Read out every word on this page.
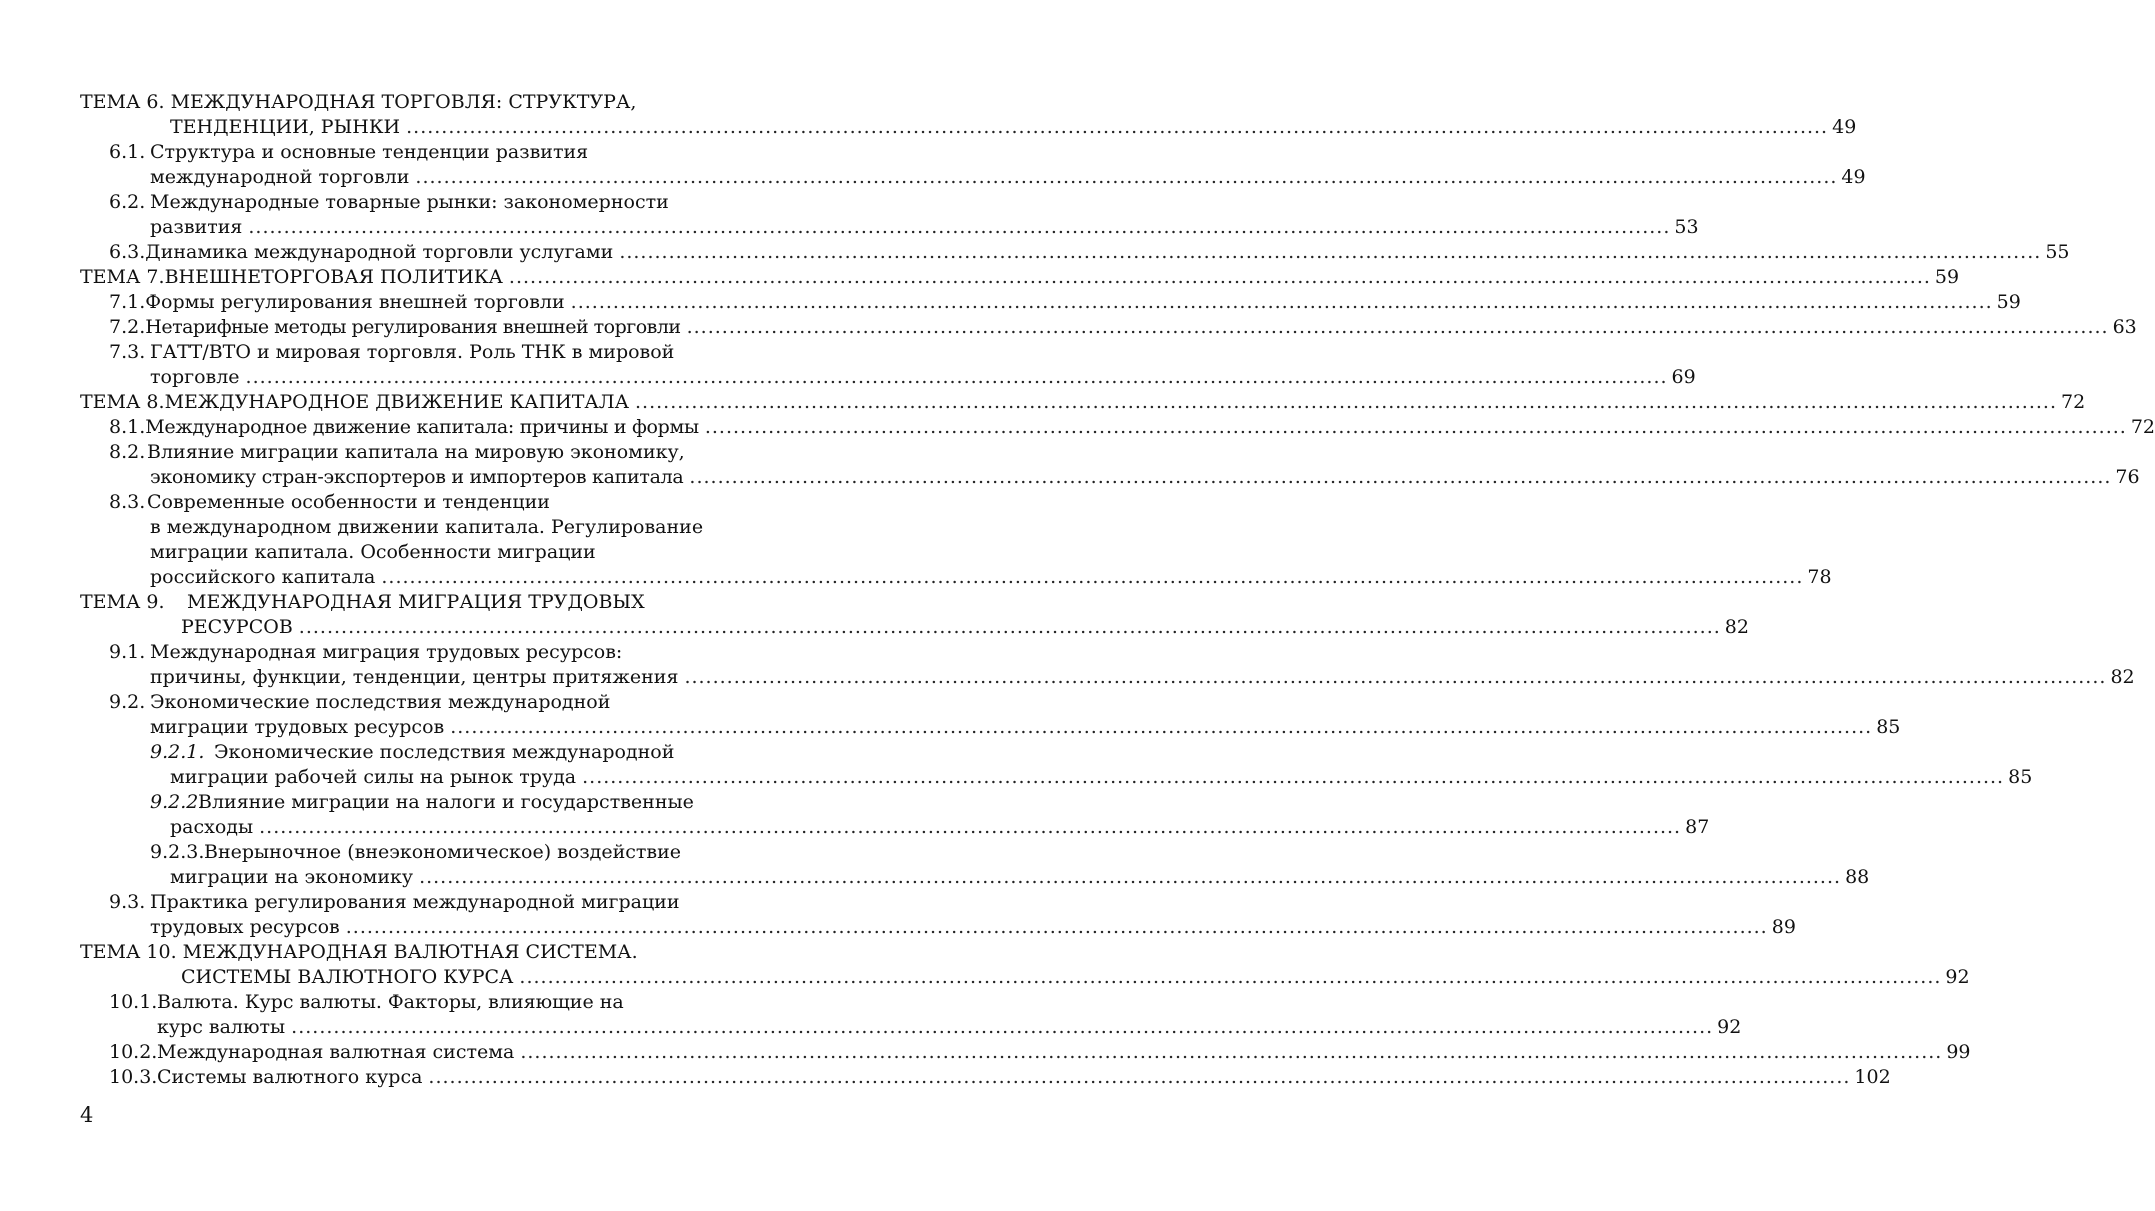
ТЕМА 6. МЕЖДУНАРОДНАЯ ТОРГОВЛЯ: СТРУКТУРА,
ТЕНДЕНЦИИ, РЫНКИ .......................................................................................................................................................................................................... 49
6.1. Структура и основные тенденции развития
международной торговли .......................................................................................................................................................................................................... 49
6.2. Международные товарные рынки: закономерности
развития .......................................................................................................................................................................................................... 53
6.3. Динамика международной торговли услугами .......................................................................................................................................................................................................... 55
ТЕМА 7. ВНЕШНЕТОРГОВАЯ ПОЛИТИКА .......................................................................................................................................................................................................... 59
7.1. Формы регулирования внешней торговли .......................................................................................................................................................................................................... 59
7.2. Нетарифные методы регулирования внешней торговли .......................................................................................................................................................................................................... 63
7.3. ГАТТ/ВТО и мировая торговля. Роль ТНК в мировой
торговле .......................................................................................................................................................................................................... 69
ТЕМА 8. МЕЖДУНАРОДНОЕ ДВИЖЕНИЕ КАПИТАЛА .......................................................................................................................................................................................................... 72
8.1. Международное движение капитала: причины и формы .......................................................................................................................................................................................................... 72
8.2.Влияние миграции капитала на мировую экономику,
экономику стран-экспортеров и импортеров капитала .......................................................................................................................................................................................................... 76
8.3.Современные особенности и тенденции
в международном движении капитала. Регулирование
миграции капитала. Особенности миграции
российского капитала .......................................................................................................................................................................................................... 78
ТЕМА 9. МЕЖДУНАРОДНАЯ МИГРАЦИЯ ТРУДОВЫХ
РЕСУРСОВ .......................................................................................................................................................................................................... 82
9.1. Международная миграция трудовых ресурсов:
причины, функции, тенденции, центры притяжения .......................................................................................................................................................................................................... 82
9.2. Экономические последствия международной
миграции трудовых ресурсов .......................................................................................................................................................................................................... 85
9.2.1. Экономические последствия международной
миграции рабочей силы на рынок труда .......................................................................................................................................................................................................... 85
9.2.2.Влияние миграции на налоги и государственные
расходы .......................................................................................................................................................................................................... 87
9.2.3.Внерыночное (внеэкономическое) воздействие
миграции на экономику .......................................................................................................................................................................................................... 88
9.3. Практика регулирования международной миграции
трудовых ресурсов .......................................................................................................................................................................................................... 89
ТЕМА 10. МЕЖДУНАРОДНАЯ ВАЛЮТНАЯ СИСТЕМА.
СИСТЕМЫ ВАЛЮТНОГО КУРСА .......................................................................................................................................................................................................... 92
10.1.Валюта. Курс валюты. Факторы, влияющие на
курс валюты .......................................................................................................................................................................................................... 92
10.2. Международная валютная система .......................................................................................................................................................................................................... 99
10.3. Системы валютного курса .......................................................................................................................................................................................................... 102
4
